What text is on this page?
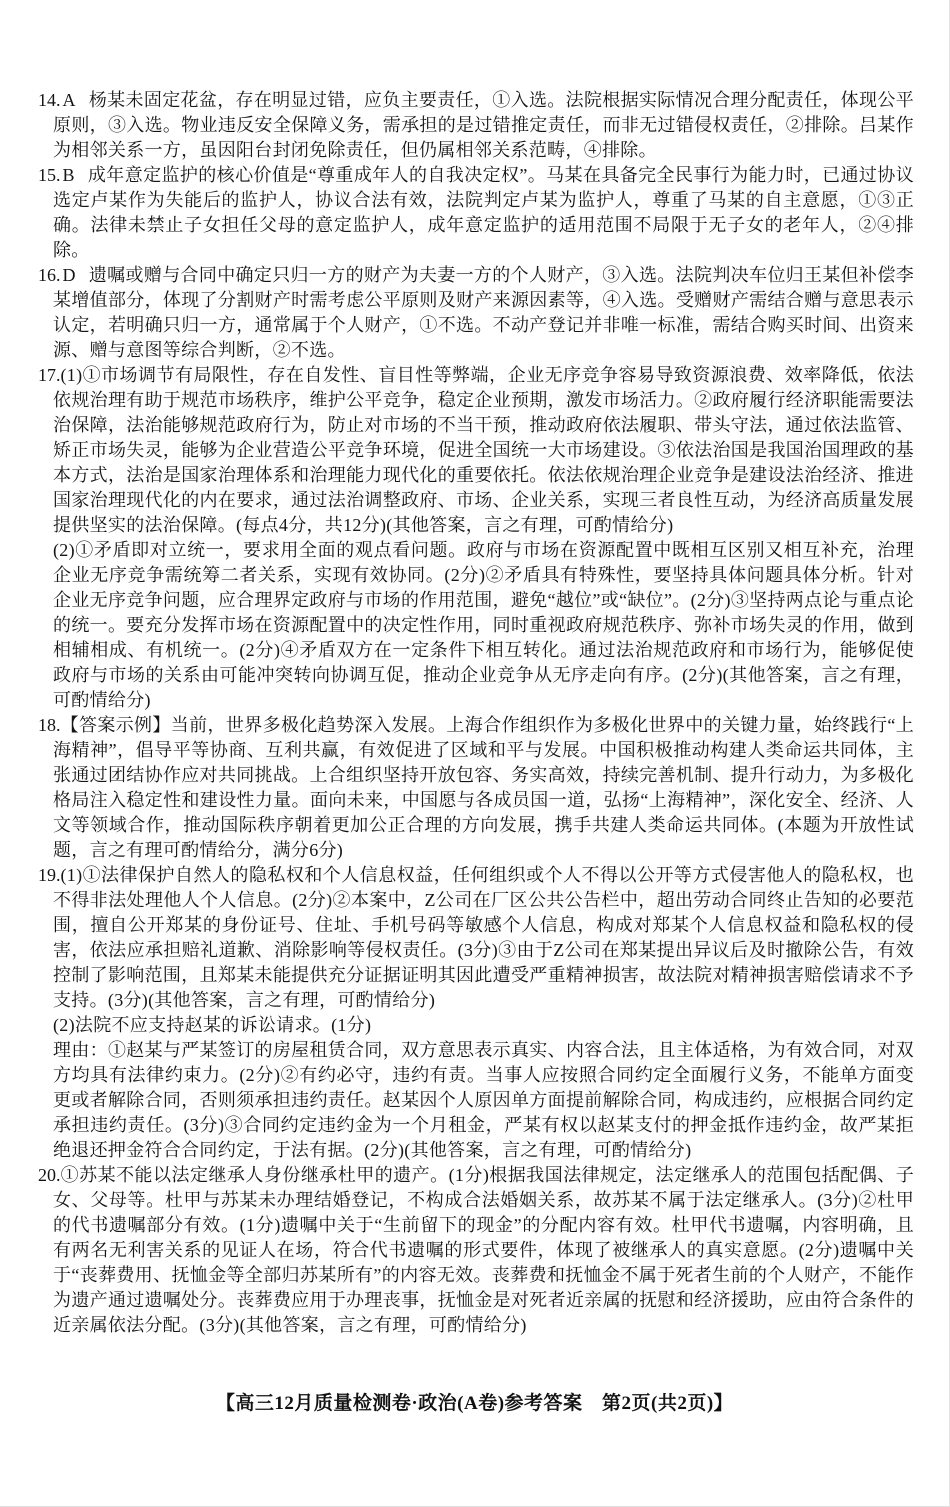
14. A 杨某未固定花盆，存在明显过错，应负主要责任，①入选。法院根据实际情况合理分配责任，体现公平原则，③入选。物业违反安全保障义务，需承担的是过错推定责任，而非无过错侵权责任，②排除。吕某作为相邻关系一方，虽因阳台封闭免除责任，但仍属相邻关系范畴，④排除。

15. B 成年意定监护的核心价值是“尊重成年人的自我决定权”。马某在具备完全民事行为能力时，已通过协议选定卢某作为失能后的监护人，协议合法有效，法院判定卢某为监护人，尊重了马某的自主意愿，①③正确。法律未禁止子女担任父母的意定监护人，成年意定监护的适用范围不局限于无子女的老年人，②④排除。

16. D 遗嘱或赠与合同中确定只归一方的财产为夫妻一方的个人财产，③入选。法院判决车位归王某但补偿李某增值部分，体现了分割财产时需考虑公平原则及财产来源因素等，④入选。受赠财产需结合赠与意思表示认定，若明确只归一方，通常属于个人财产，①不选。不动产登记并非唯一标准，需结合购买时间、出资来源、赠与意图等综合判断，②不选。

17.(1)①市场调节有局限性，存在自发性、盲目性等弊端，企业无序竞争容易导致资源浪费、效率降低，依法依规治理有助于规范市场秩序，维护公平竞争，稳定企业预期，激发市场活力。②政府履行经济职能需要法治保障，法治能够规范政府行为，防止对市场的不当干预，推动政府依法履职、带头守法，通过依法监管、矫正市场失灵，能够为企业营造公平竞争环境，促进全国统一大市场建设。③依法治国是我国治国理政的基本方式，法治是国家治理体系和治理能力现代化的重要依托。依法依规治理企业竞争是建设法治经济、推进国家治理现代化的内在要求，通过法治调整政府、市场、企业关系，实现三者良性互动，为经济高质量发展提供坚实的法治保障。(每点4分，共12分)(其他答案，言之有理，可酌情给分)

(2)①矛盾即对立统一，要求用全面的观点看问题。政府与市场在资源配置中既相互区别又相互补充，治理企业无序竞争需统筹二者关系，实现有效协同。(2分)②矛盾具有特殊性，要坚持具体问题具体分析。针对企业无序竞争问题，应合理界定政府与市场的作用范围，避免“越位”或“缺位”。(2分)③坚持两点论与重点论的统一。要充分发挥市场在资源配置中的决定性作用，同时重视政府规范秩序、弥补市场失灵的作用，做到相辅相成、有机统一。(2分)④矛盾双方在一定条件下相互转化。通过法治规范政府和市场行为，能够促使政府与市场的关系由可能冲突转向协调互促，推动企业竞争从无序走向有序。(2分)(其他答案，言之有理，可酌情给分)

18.【答案示例】当前，世界多极化趋势深入发展。上海合作组织作为多极化世界中的关键力量，始终践行“上海精神”，倡导平等协商、互利共赢，有效促进了区域和平与发展。中国积极推动构建人类命运共同体，主张通过团结协作应对共同挑战。上合组织坚持开放包容、务实高效，持续完善机制、提升行动力，为多极化格局注入稳定性和建设性力量。面向未来，中国愿与各成员国一道，弘扬“上海精神”，深化安全、经济、人文等领域合作，推动国际秩序朝着更加公正合理的方向发展，携手共建人类命运共同体。(本题为开放性试题，言之有理可酌情给分，满分6分)

19.(1)①法律保护自然人的隐私权和个人信息权益，任何组织或个人不得以公开等方式侵害他人的隐私权，也不得非法处理他人个人信息。(2分)②本案中，Z公司在厂区公共公告栏中，超出劳动合同终止告知的必要范围，擅自公开郑某的身份证号、住址、手机号码等敏感个人信息，构成对郑某个人信息权益和隐私权的侵害，依法应承担赔礼道歉、消除影响等侵权责任。(3分)③由于Z公司在郑某提出异议后及时撤除公告，有效控制了影响范围，且郑某未能提供充分证据证明其因此遭受严重精神损害，故法院对精神损害赔偿请求不予支持。(3分)(其他答案，言之有理，可酌情给分)

(2)法院不应支持赵某的诉讼请求。(1分)

理由：①赵某与严某签订的房屋租赁合同，双方意思表示真实、内容合法，且主体适格，为有效合同，对双方均具有法律约束力。(2分)②有约必守，违约有责。当事人应按照合同约定全面履行义务，不能单方面变更或者解除合同，否则须承担违约责任。赵某因个人原因单方面提前解除合同，构成违约，应根据合同约定承担违约责任。(3分)③合同约定违约金为一个月租金，严某有权以赵某支付的押金抵作违约金，故严某拒绝退还押金符合合同约定，于法有据。(2分)(其他答案，言之有理，可酌情给分)

20.①苏某不能以法定继承人身份继承杜甲的遗产。(1分)根据我国法律规定，法定继承人的范围包括配偶、子女、父母等。杜甲与苏某未办理结婚登记，不构成合法婚姻关系，故苏某不属于法定继承人。(3分)②杜甲的代书遗嘱部分有效。(1分)遗嘱中关于“生前留下的现金”的分配内容有效。杜甲代书遗嘱，内容明确，且有两名无利害关系的见证人在场，符合代书遗嘱的形式要件，体现了被继承人的真实意愿。(2分)遗嘱中关于“丧葬费用、抚恤金等全部归苏某所有”的内容无效。丧葬费和抚恤金不属于死者生前的个人财产，不能作为遗产通过遗嘱处分。丧葬费应用于办理丧事，抚恤金是对死者近亲属的抚慰和经济援助，应由符合条件的近亲属依法分配。(3分)(其他答案，言之有理，可酌情给分)

【高三12月质量检测卷·政治(A卷)参考答案　第2页(共2页)】
